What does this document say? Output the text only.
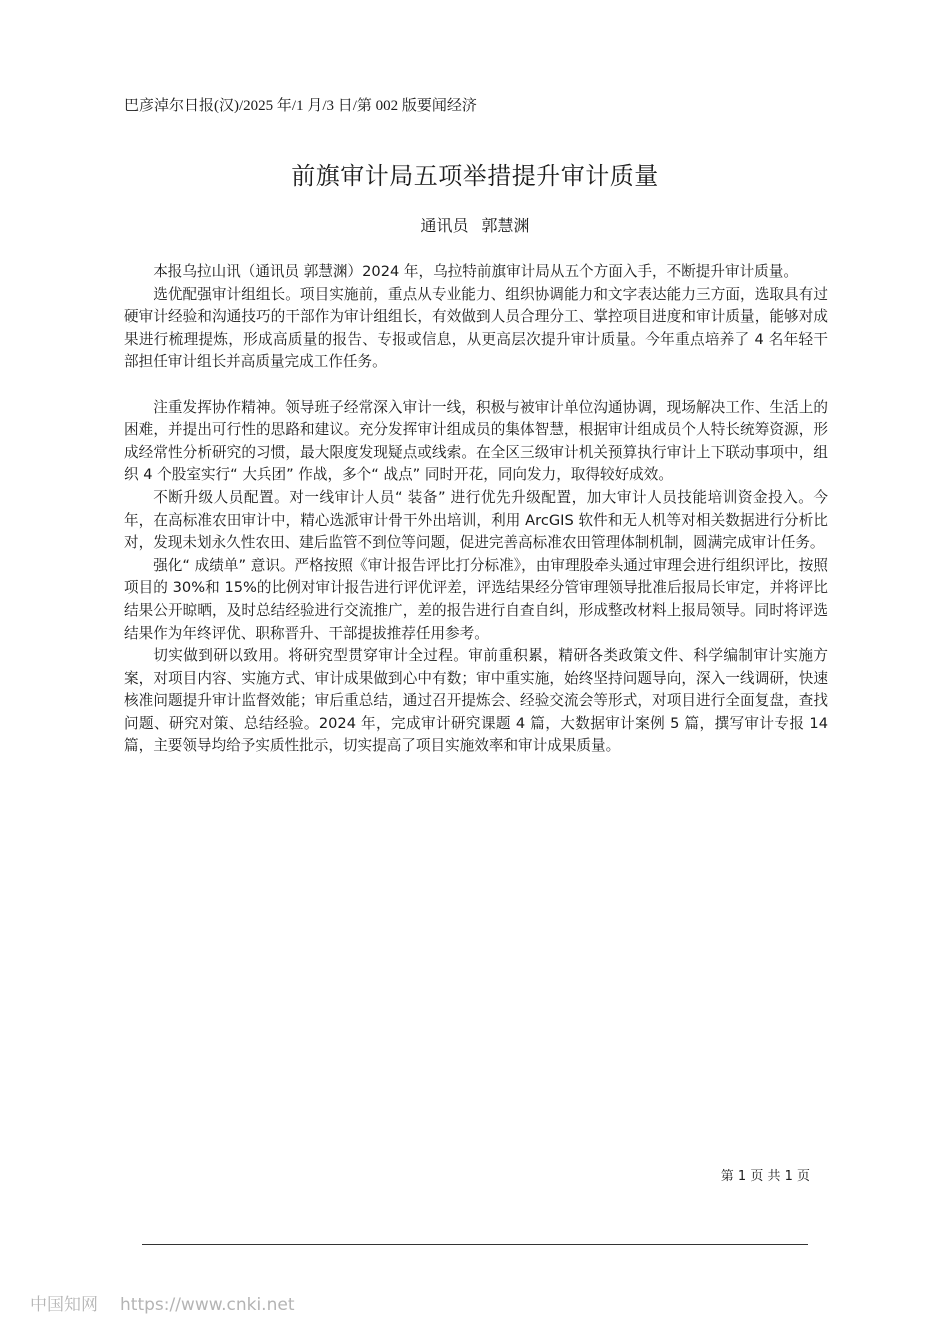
巴彦淖尔日报(汉)/2025 年/1 月/3 日/第 002 版要闻经济
前旗审计局五项举措提升审计质量
通讯员 郭慧渊

本报乌拉山讯（通讯员 郭慧渊）2024 年，乌拉特前旗审计局从五个方面入手，不断提升审计质量。

选优配强审计组组长。项目实施前，重点从专业能力、组织协调能力和文字表达能力三方面，选取具有过硬审计经验和沟通技巧的干部作为审计组组长，有效做到人员合理分工、掌控项目进度和审计质量，能够对成果进行梳理提炼，形成高质量的报告、专报或信息，从更高层次提升审计质量。今年重点培养了 4 名年轻干部担任审计组长并高质量完成工作任务。

注重发挥协作精神。领导班子经常深入审计一线，积极与被审计单位沟通协调，现场解决工作、生活上的困难，并提出可行性的思路和建议。充分发挥审计组成员的集体智慧，根据审计组成员个人特长统筹资源，形成经常性分析研究的习惯，最大限度发现疑点或线索。在全区三级审计机关预算执行审计上下联动事项中，组织 4 个股室实行“ 大兵团” 作战，多个“ 战点” 同时开花，同向发力，取得较好成效。

不断升级人员配置。对一线审计人员“ 装备” 进行优先升级配置，加大审计人员技能培训资金投入。今年，在高标准农田审计中，精心选派审计骨干外出培训，利用 ArcGIS 软件和无人机等对相关数据进行分析比对，发现未划永久性农田、建后监管不到位等问题，促进完善高标准农田管理体制机制，圆满完成审计任务。

强化“ 成绩单” 意识。严格按照《审计报告评比打分标准》，由审理股牵头通过审理会进行组织评比，按照项目的 30%和 15%的比例对审计报告进行评优评差，评选结果经分管审理领导批准后报局长审定，并将评比结果公开晾晒，及时总结经验进行交流推广，差的报告进行自查自纠，形成整改材料上报局领导。同时将评选结果作为年终评优、职称晋升、干部提拔推荐任用参考。

切实做到研以致用。将研究型贯穿审计全过程。审前重积累，精研各类政策文件、科学编制审计实施方案，对项目内容、实施方式、审计成果做到心中有数；审中重实施，始终坚持问题导向，深入一线调研，快速核准问题提升审计监督效能；审后重总结，通过召开提炼会、经验交流会等形式，对项目进行全面复盘，查找问题、研究对策、总结经验。2024 年，完成审计研究课题 4 篇，大数据审计案例 5 篇，撰写审计专报 14 篇，主要领导均给予实质性批示，切实提高了项目实施效率和审计成果质量。

第 1 页 共 1 页
中国知网 https://www.cnki.net
